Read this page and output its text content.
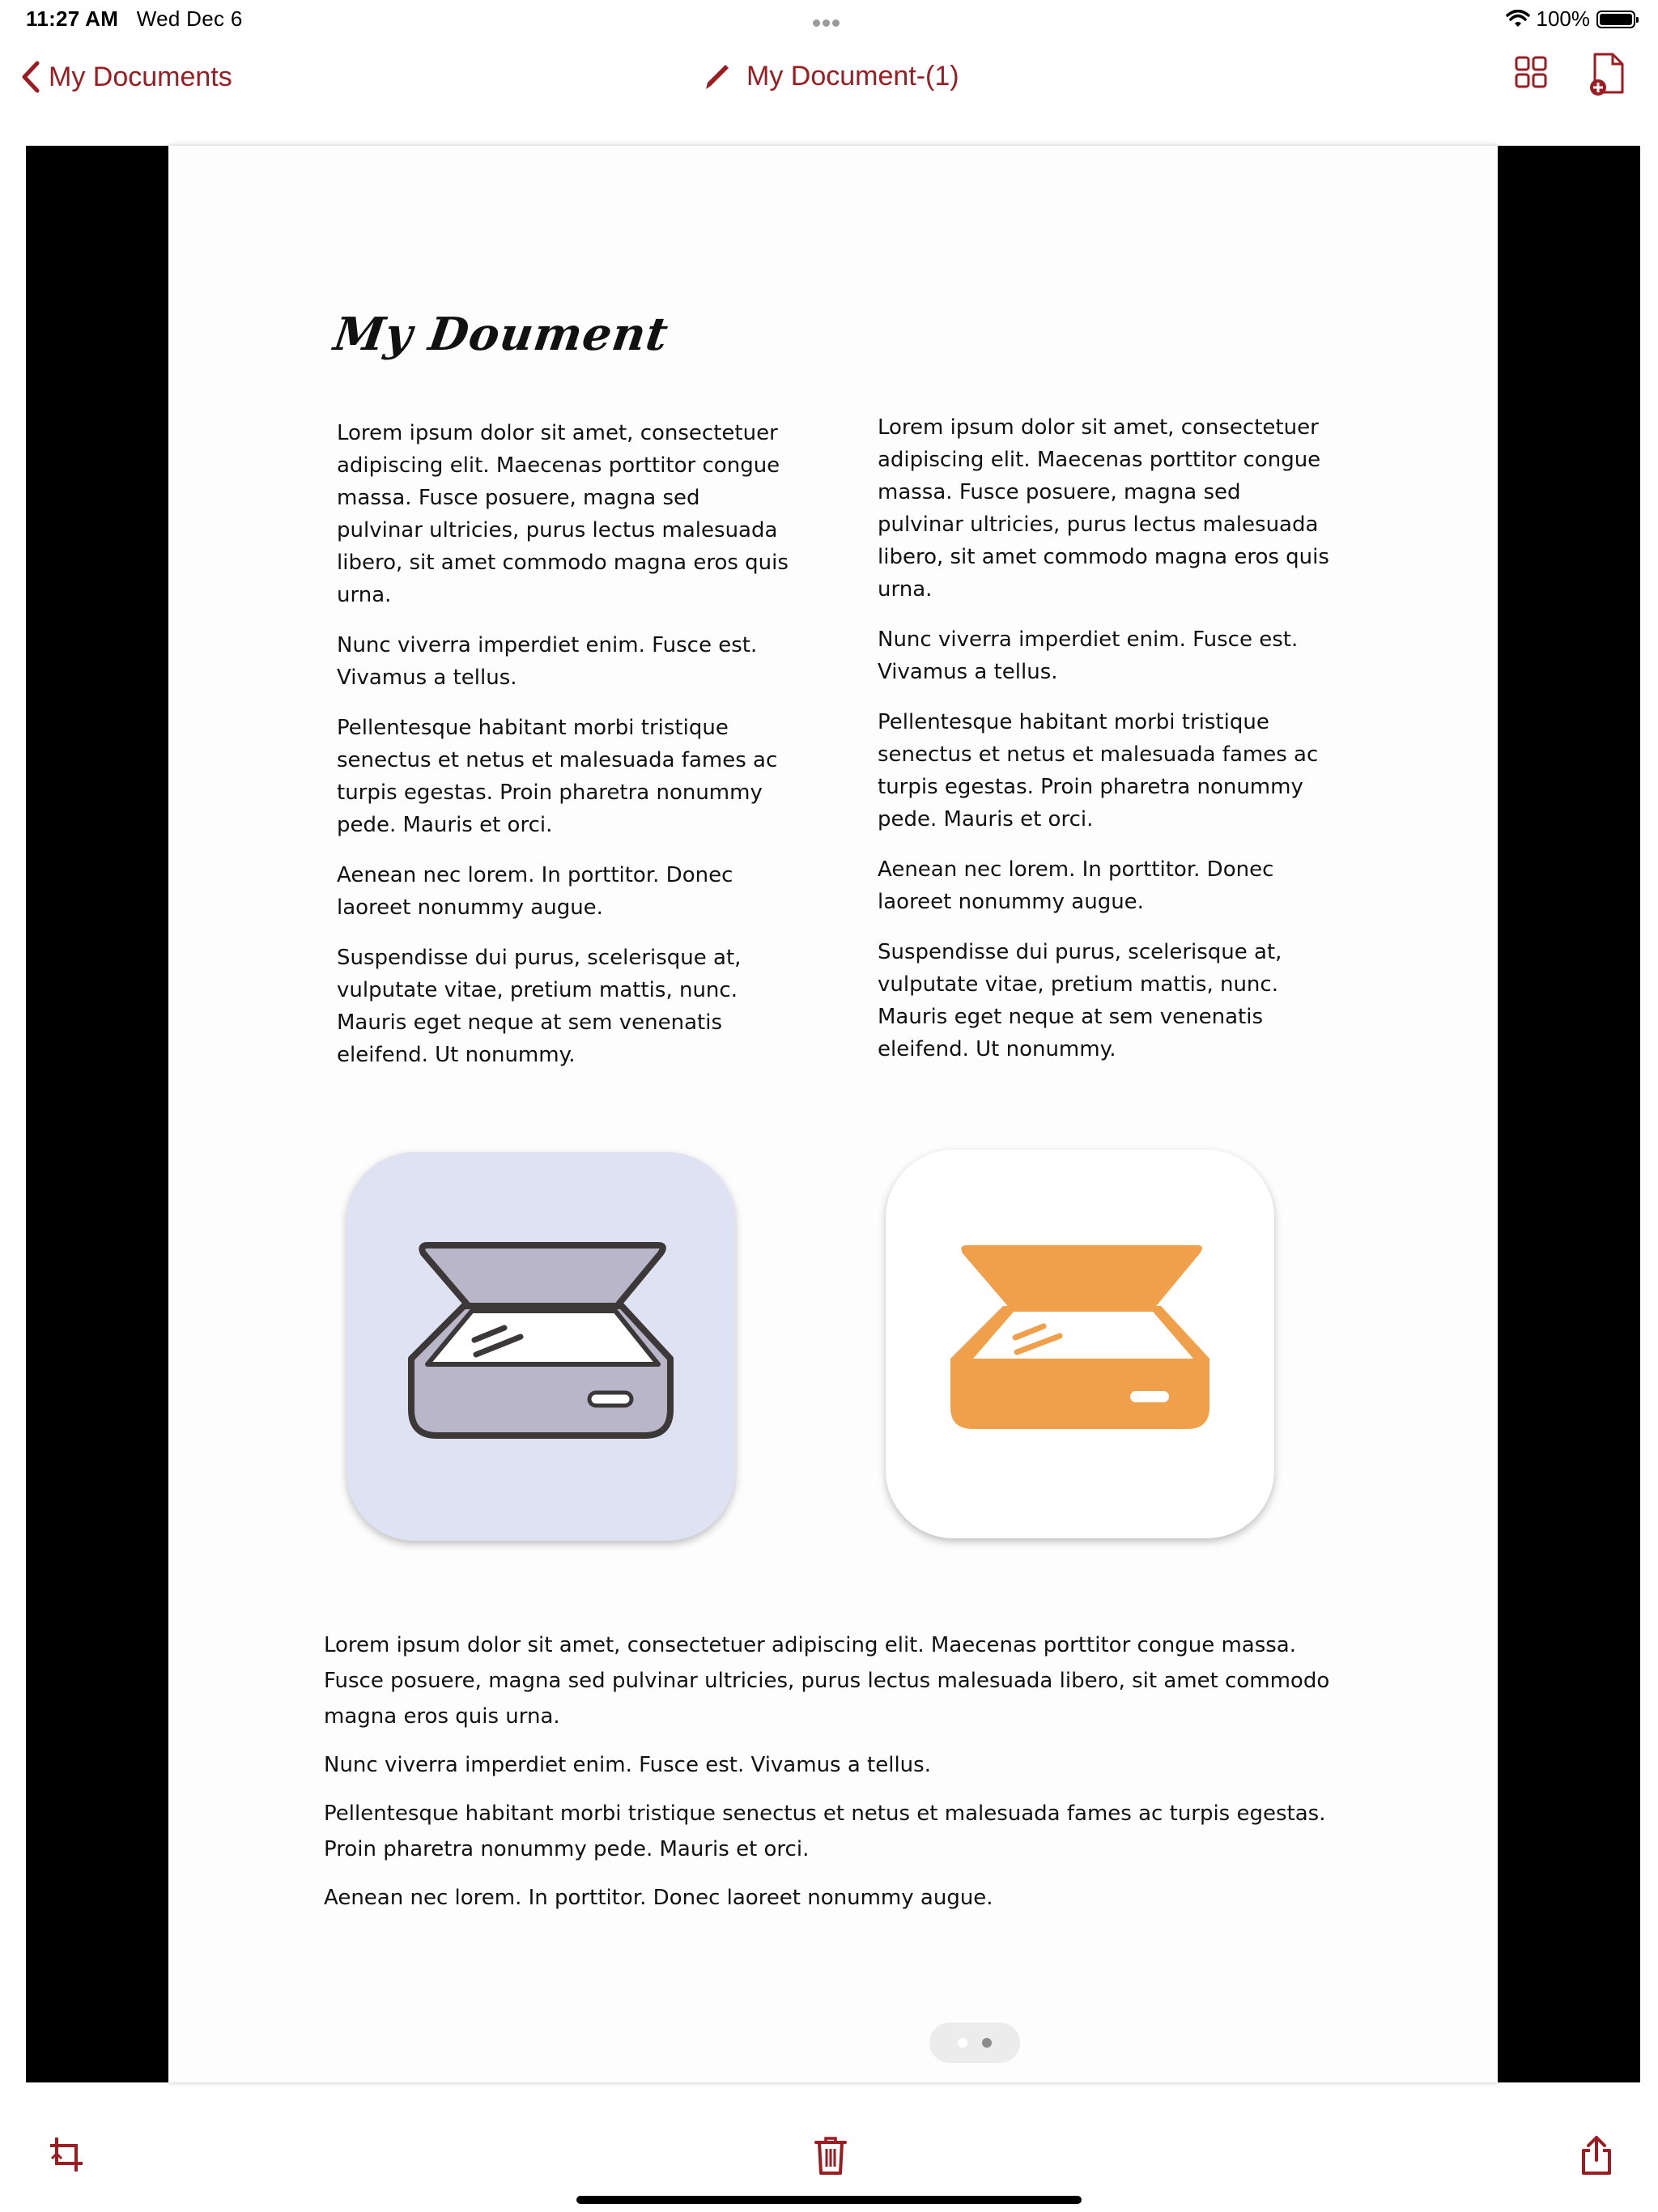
11:27 AM Wed Dec 6	100%
My Documents	My Document-(1)
My Doument

Lorem ipsum dolor sit amet, consectetuer adipiscing elit. Maecenas porttitor congue massa. Fusce posuere, magna sed pulvinar ultricies, purus lectus malesuada libero, sit amet commodo magna eros quis urna.

Nunc viverra imperdiet enim. Fusce est. Vivamus a tellus.

Pellentesque habitant morbi tristique senectus et netus et malesuada fames ac turpis egestas. Proin pharetra nonummy pede. Mauris et orci.

Aenean nec lorem. In porttitor. Donec laoreet nonummy augue.

Suspendisse dui purus, scelerisque at, vulputate vitae, pretium mattis, nunc. Mauris eget neque at sem venenatis eleifend. Ut nonummy.

Lorem ipsum dolor sit amet, consectetuer adipiscing elit. Maecenas porttitor congue massa. Fusce posuere, magna sed pulvinar ultricies, purus lectus malesuada libero, sit amet commodo magna eros quis urna.

Nunc viverra imperdiet enim. Fusce est. Vivamus a tellus.

Pellentesque habitant morbi tristique senectus et netus et malesuada fames ac turpis egestas. Proin pharetra nonummy pede. Mauris et orci.

Aenean nec lorem. In porttitor. Donec laoreet nonummy augue.

Suspendisse dui purus, scelerisque at, vulputate vitae, pretium mattis, nunc. Mauris eget neque at sem venenatis eleifend. Ut nonummy.

Lorem ipsum dolor sit amet, consectetuer adipiscing elit. Maecenas porttitor congue massa. Fusce posuere, magna sed pulvinar ultricies, purus lectus malesuada libero, sit amet commodo magna eros quis urna.

Nunc viverra imperdiet enim. Fusce est. Vivamus a tellus.

Pellentesque habitant morbi tristique senectus et netus et malesuada fames ac turpis egestas. Proin pharetra nonummy pede. Mauris et orci.

Aenean nec lorem. In porttitor. Donec laoreet nonummy augue.
